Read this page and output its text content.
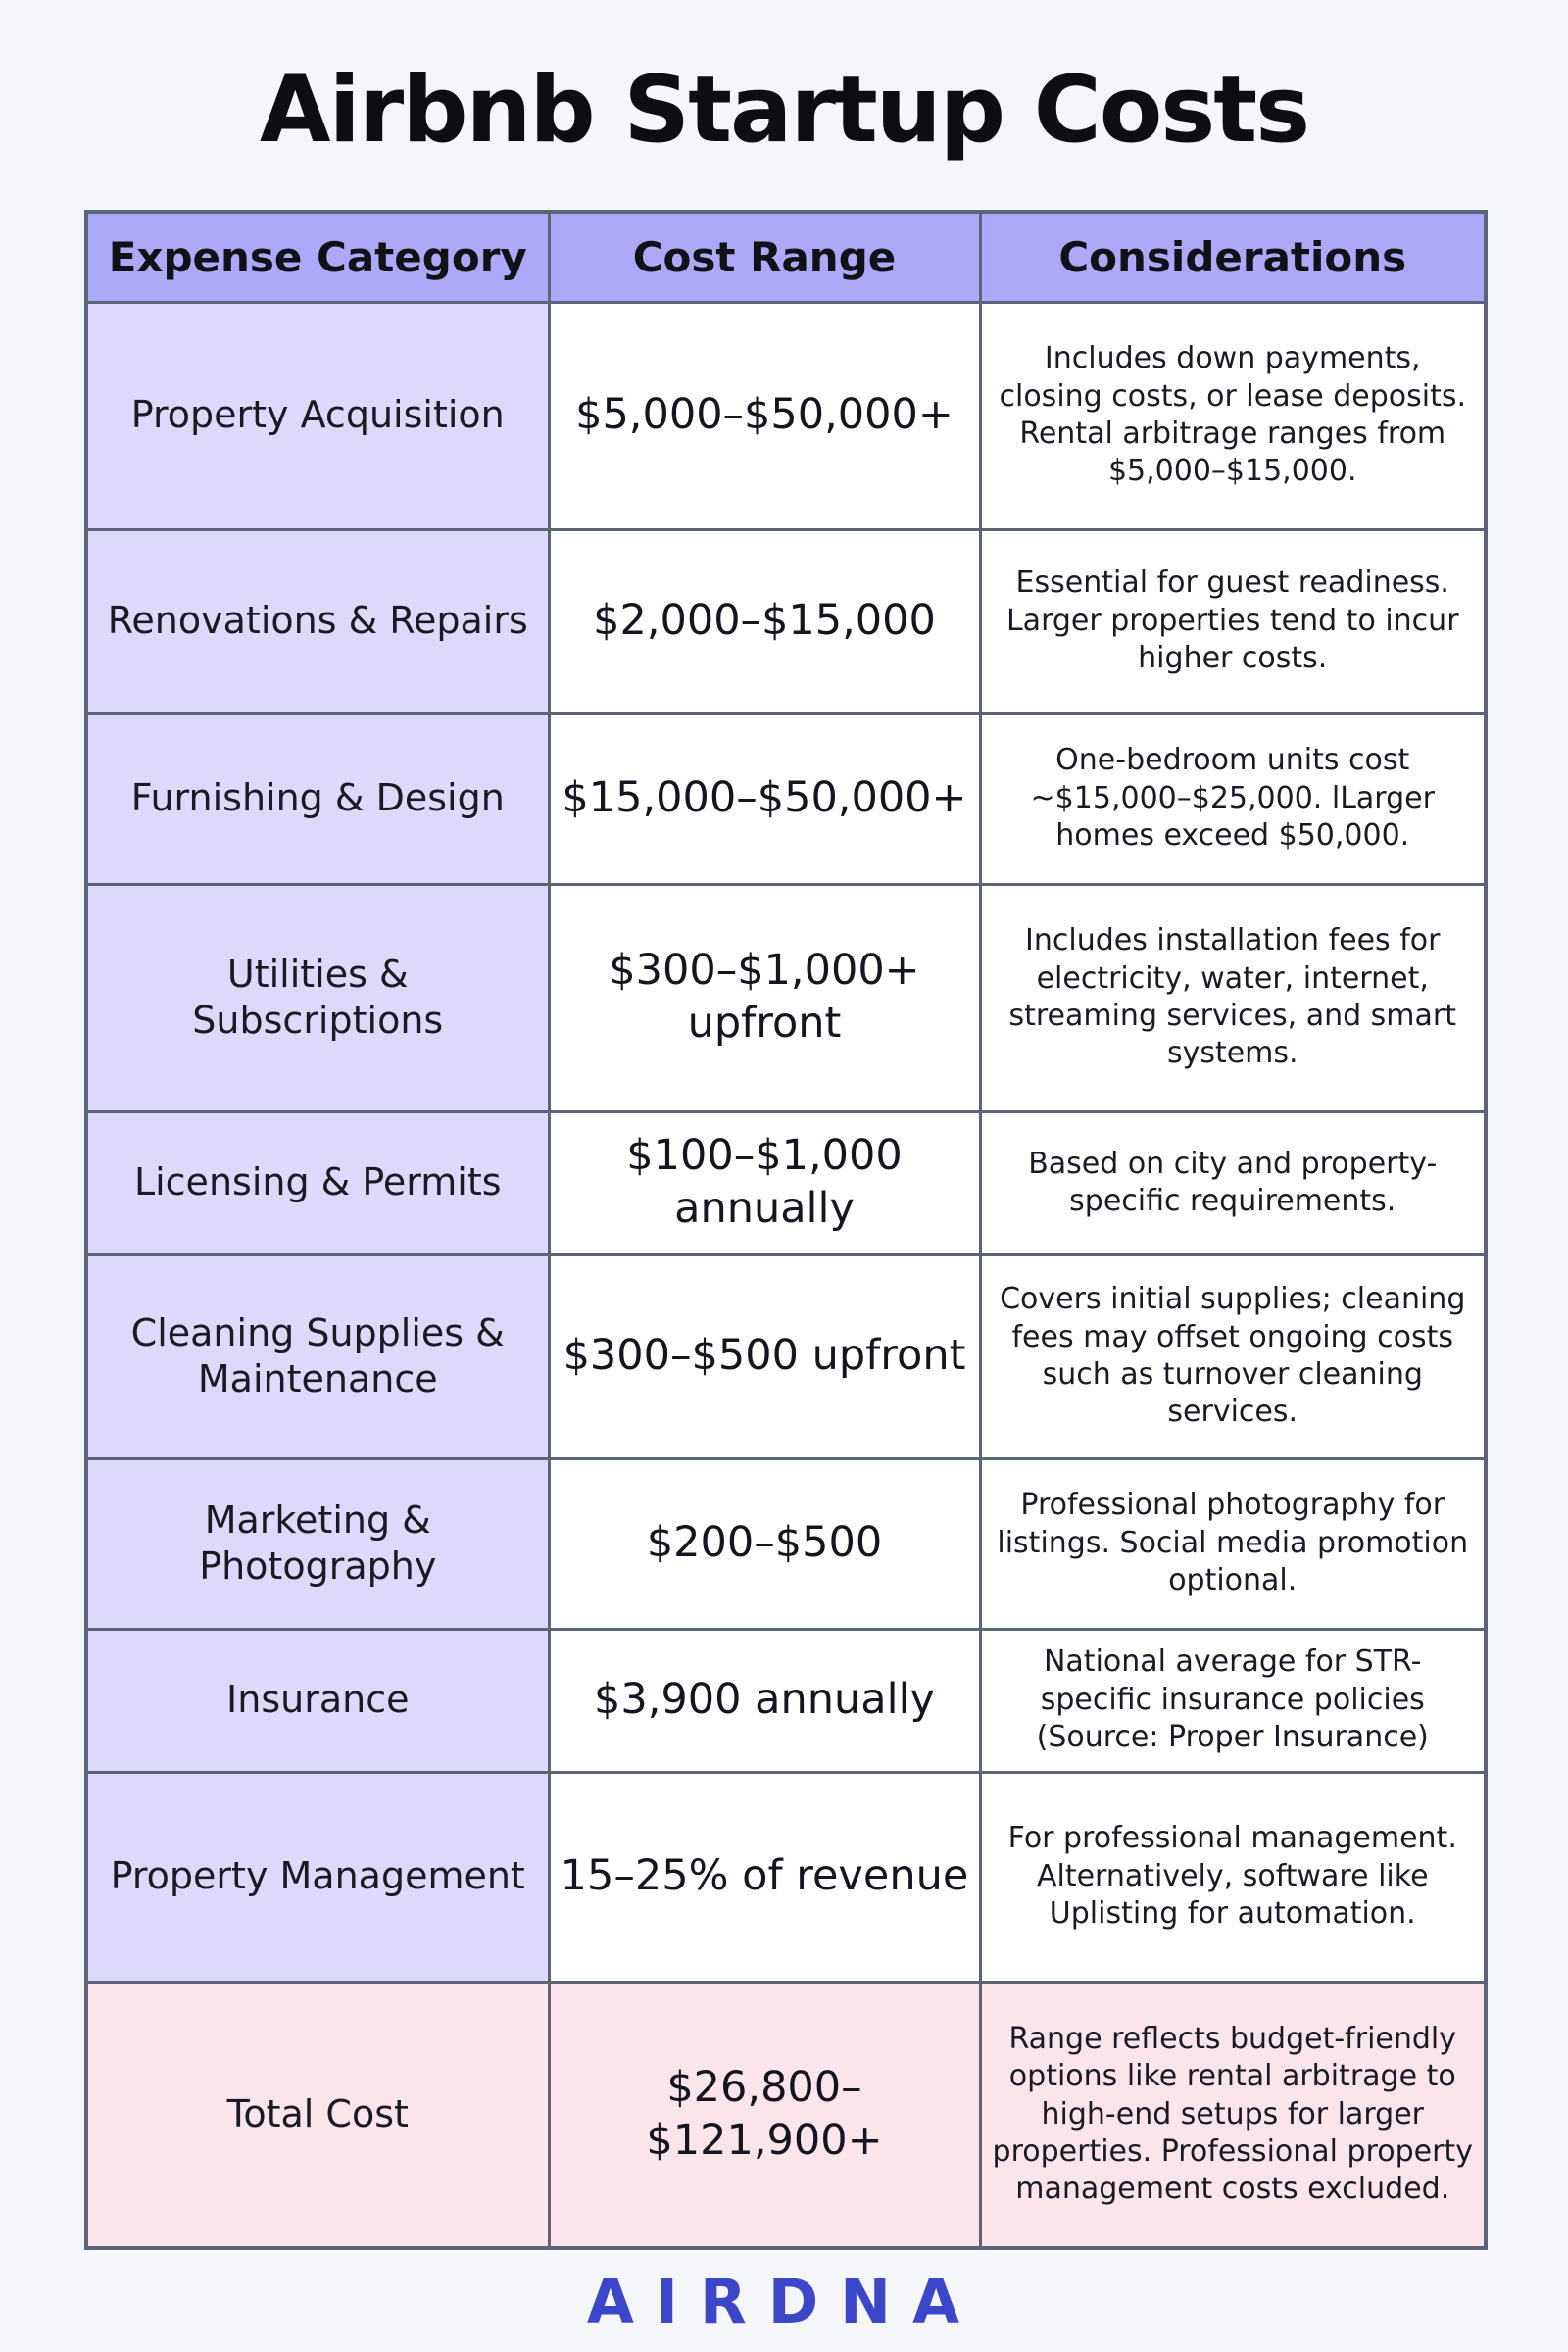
Airbnb Startup Costs
Expense Category	Cost Range	Considerations
Property Acquisition	$5,000–$50,000+	Includes down payments, closing costs, or lease deposits. Rental arbitrage ranges from $5,000–$15,000.
Renovations & Repairs	$2,000–$15,000	Essential for guest readiness. Larger properties tend to incur higher costs.
Furnishing & Design	$15,000–$50,000+	One-bedroom units cost ~$15,000–$25,000. lLarger homes exceed $50,000.
Utilities & Subscriptions	$300–$1,000+ upfront	Includes installation fees for electricity, water, internet, streaming services, and smart systems.
Licensing & Permits	$100–$1,000 annually	Based on city and property-specific requirements.
Cleaning Supplies & Maintenance	$300–$500 upfront	Covers initial supplies; cleaning fees may offset ongoing costs such as turnover cleaning services.
Marketing & Photography	$200–$500	Professional photography for listings. Social media promotion optional.
Insurance	$3,900 annually	National average for STR-specific insurance policies (Source: Proper Insurance)
Property Management	15–25% of revenue	For professional management. Alternatively, software like Uplisting for automation.
Total Cost	$26,800–$121,900+	Range reflects budget-friendly options like rental arbitrage to high-end setups for larger properties. Professional property management costs excluded.
AIRDNA
